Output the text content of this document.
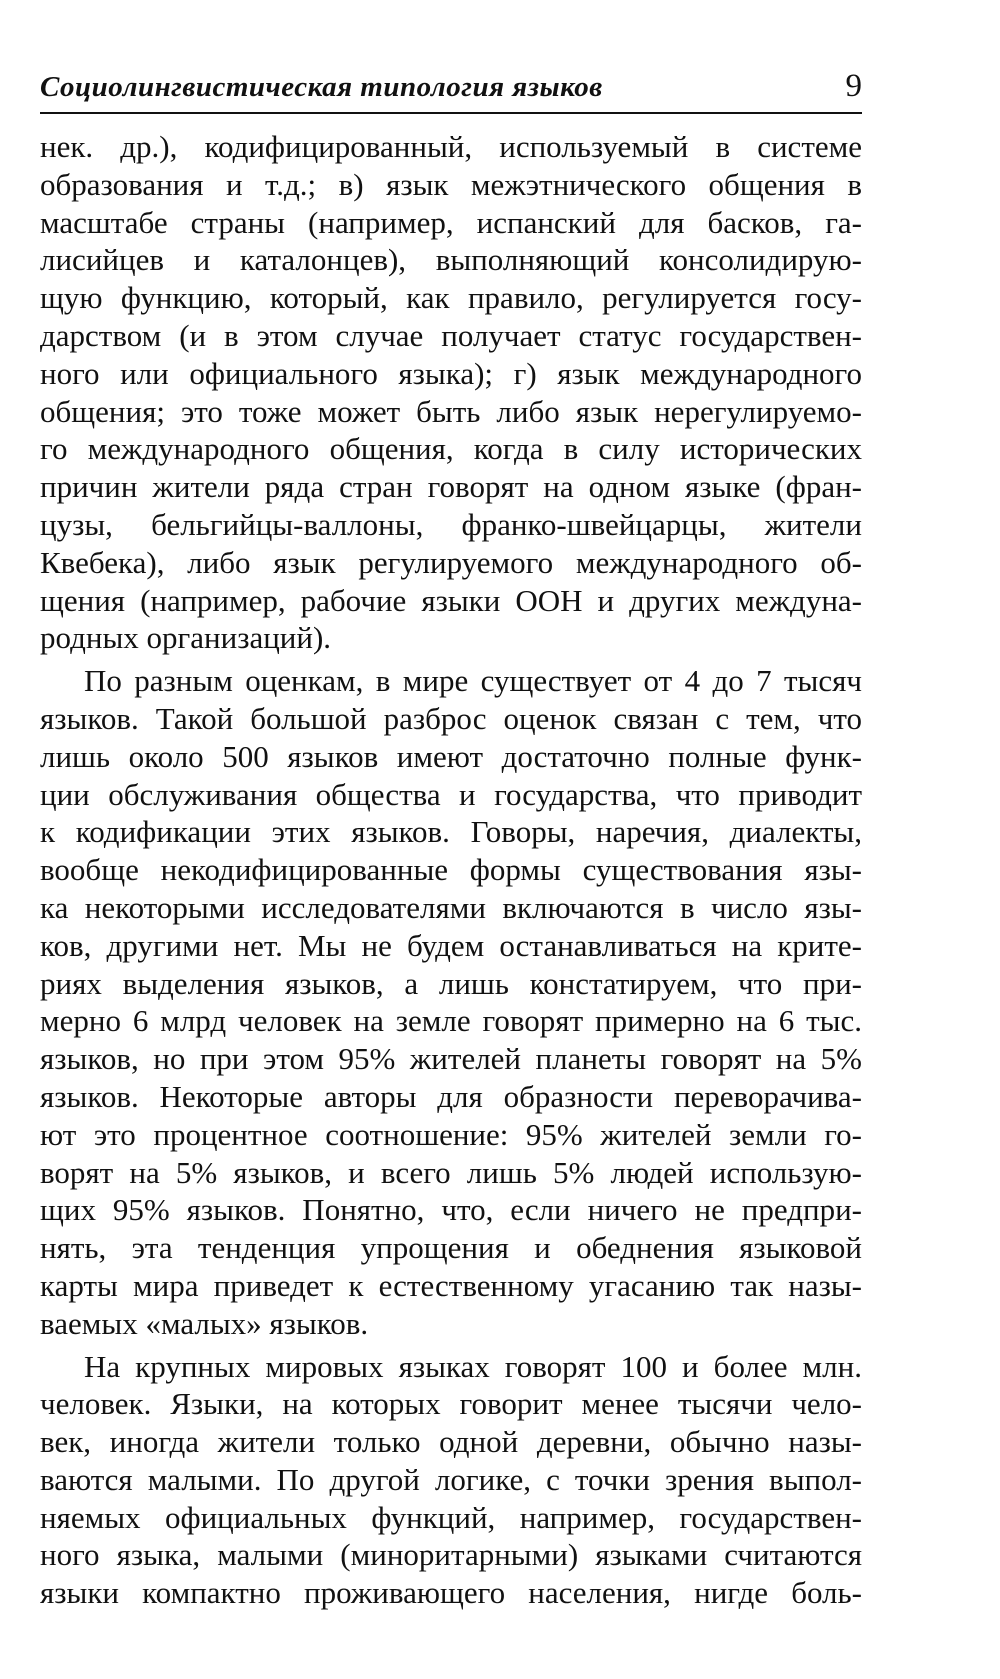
Социолингвистическая типология языков	9
нек. др.), кодифицированный, используемый в системе
образования и т.д.; в) язык межэтнического общения в
масштабе страны (например, испанский для басков, га-
лисийцев и каталонцев), выполняющий консолидирую-
щую функцию, который, как правило, регулируется госу-
дарством (и в этом случае получает статус государствен-
ного или официального языка); г) язык международного
общения; это тоже может быть либо язык нерегулируемо-
го международного общения, когда в силу исторических
причин жители ряда стран говорят на одном языке (фран-
цузы, бельгийцы-валлоны, франко-швейцарцы, жители
Квебека), либо язык регулируемого международного об-
щения (например, рабочие языки ООН и других междуна-
родных организаций).
По разным оценкам, в мире существует от 4 до 7 тысяч
языков. Такой большой разброс оценок связан с тем, что
лишь около 500 языков имеют достаточно полные функ-
ции обслуживания общества и государства, что приводит
к кодификации этих языков. Говоры, наречия, диалекты,
вообще некодифицированные формы существования язы-
ка некоторыми исследователями включаются в число язы-
ков, другими нет. Мы не будем останавливаться на крите-
риях выделения языков, а лишь констатируем, что при-
мерно 6 млрд человек на земле говорят примерно на 6 тыс.
языков, но при этом 95% жителей планеты говорят на 5%
языков. Некоторые авторы для образности переворачива-
ют это процентное соотношение: 95% жителей земли го-
ворят на 5% языков, и всего лишь 5% людей использую-
щих 95% языков. Понятно, что, если ничего не предпри-
нять, эта тенденция упрощения и обеднения языковой
карты мира приведет к естественному угасанию так назы-
ваемых «малых» языков.
На крупных мировых языках говорят 100 и более млн.
человек. Языки, на которых говорит менее тысячи чело-
век, иногда жители только одной деревни, обычно назы-
ваются малыми. По другой логике, с точки зрения выпол-
няемых официальных функций, например, государствен-
ного языка, малыми (миноритарными) языками считаются
языки компактно проживающего населения, нигде боль-
